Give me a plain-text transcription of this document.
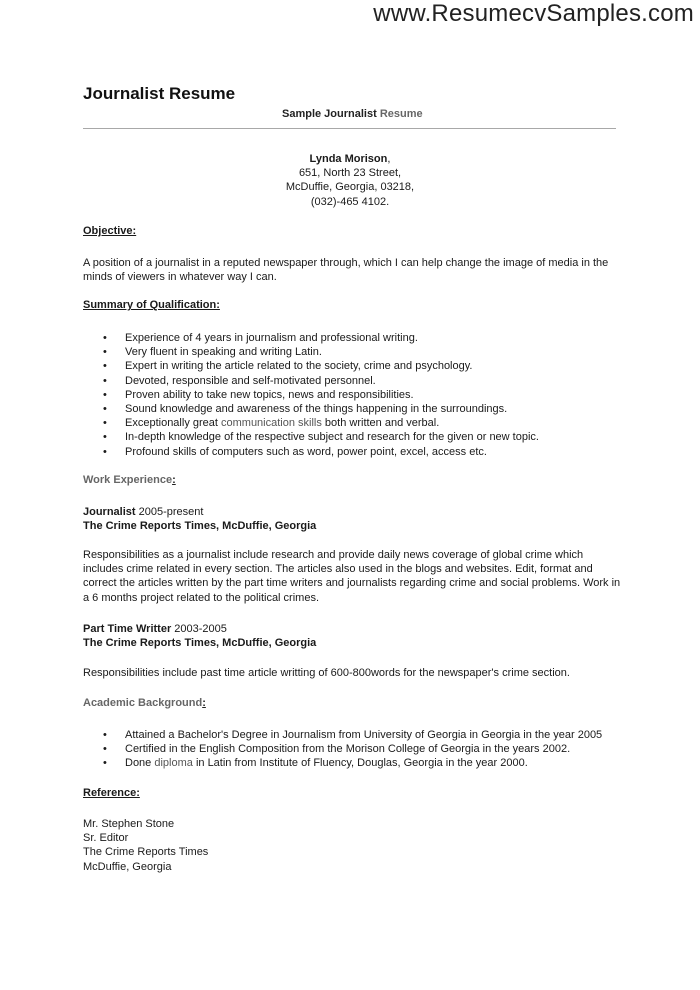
www.ResumecvSamples.com
Journalist Resume
Sample Journalist Resume
Lynda Morison,
651, North 23 Street,
McDuffie, Georgia, 03218,
(032)-465 4102.
Objective:
A position of a journalist in a reputed newspaper through, which I can help change the image of media in the minds of viewers in whatever way I can.
Summary of Qualification:
• Experience of 4 years in journalism and professional writing.
• Very fluent in speaking and writing Latin.
• Expert in writing the article related to the society, crime and psychology.
• Devoted, responsible and self-motivated personnel.
• Proven ability to take new topics, news and responsibilities.
• Sound knowledge and awareness of the things happening in the surroundings.
• Exceptionally great communication skills both written and verbal.
• In-depth knowledge of the respective subject and research for the given or new topic.
• Profound skills of computers such as word, power point, excel, access etc.
Work Experience:
Journalist 2005-present
The Crime Reports Times, McDuffie, Georgia
Responsibilities as a journalist include research and provide daily news coverage of global crime which includes crime related in every section. The articles also used in the blogs and websites. Edit, format and correct the articles written by the part time writers and journalists regarding crime and social problems. Work in a 6 months project related to the political crimes.
Part Time Writter 2003-2005
The Crime Reports Times, McDuffie, Georgia
Responsibilities include past time article writting of 600-800words for the newspaper's crime section.
Academic Background:
• Attained a Bachelor's Degree in Journalism from University of Georgia in Georgia in the year 2005
• Certified in the English Composition from the Morison College of Georgia in the years 2002.
• Done diploma in Latin from Institute of Fluency, Douglas, Georgia in the year 2000.
Reference:
Mr. Stephen Stone
Sr. Editor
The Crime Reports Times
McDuffie, Georgia
